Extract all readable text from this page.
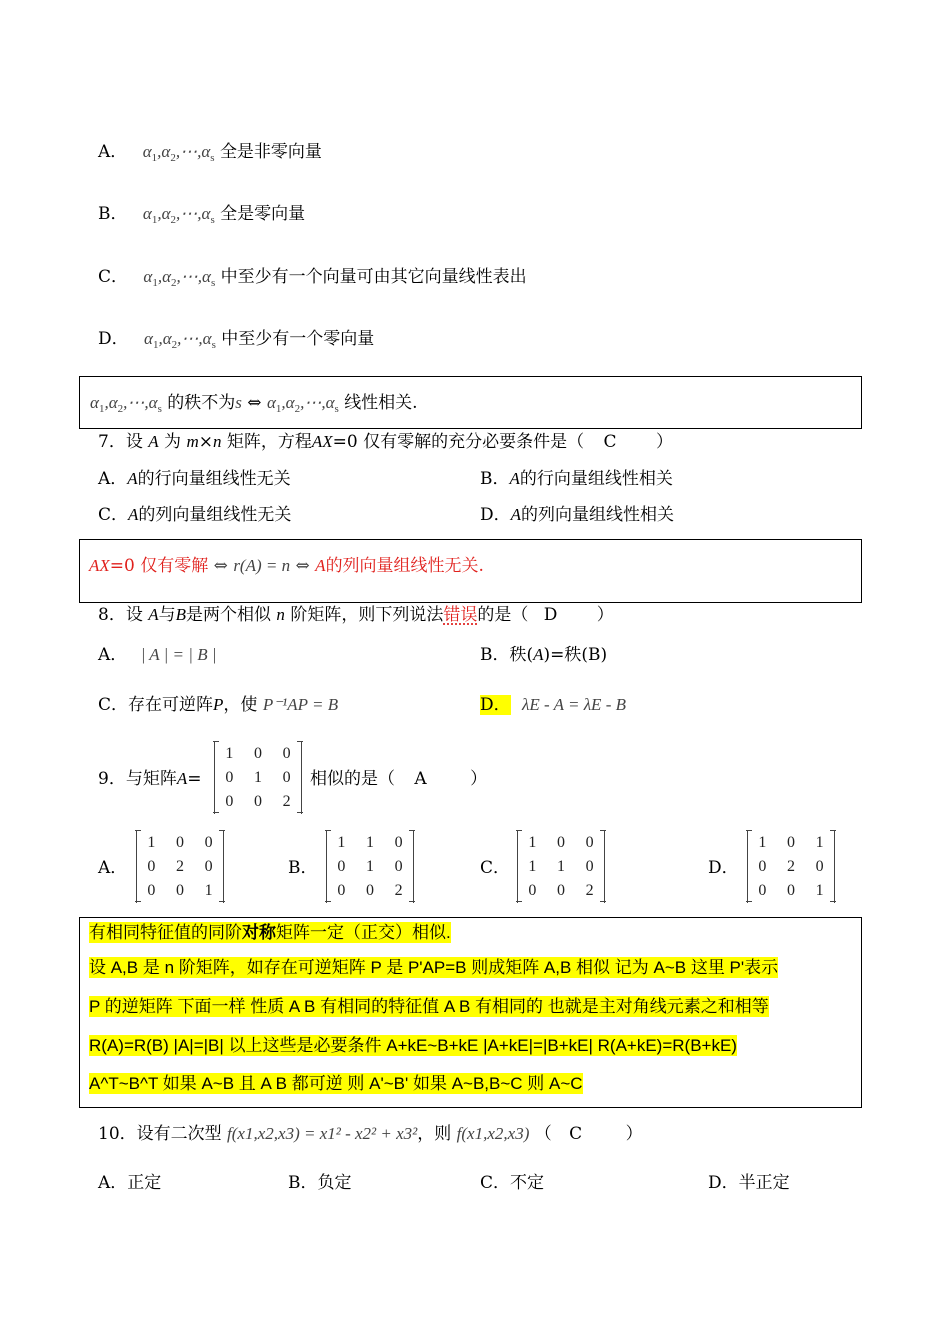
A． $\alpha_1,\alpha_2,\cdots,\alpha_s$ 全是非零向量
B． $\alpha_1,\alpha_2,\cdots,\alpha_s$ 全是零向量
C． $\alpha_1,\alpha_2,\cdots,\alpha_s$ 中至少有一个向量可由其它向量线性表出
D． $\alpha_1,\alpha_2,\cdots,\alpha_s$ 中至少有一个零向量
$\alpha_1,\alpha_2,\cdots,\alpha_s$ 的秩不为s ⇔ $\alpha_1,\alpha_2,\cdots,\alpha_s$ 线性相关.
7．设 A 为 m×n 矩阵，方程AX=0 仅有零解的充分必要条件是（ C ）
A．A的行向量组线性无关	B．A的行向量组线性相关
C．A的列向量组线性无关	D．A的列向量组线性相关
AX=0 仅有零解 ⇔ r(A) = n ⇔ A的列向量组线性无关.
8．设 A与B是两个相似 n 阶矩阵，则下列说法错误的是（ D ）
A． | A | = | B |	B．秩(A)=秩(B)
C．存在可逆阵P，使 P⁻¹AP = B	D． λE - A = λE - B
9．与矩阵A=
1	0	0
0	1	0
0	0	2
相似的是（ A	）
A．
1	0	0
0	2	0
0	0	1
B．
1	1	0
0	1	0
0	0	2
C．
1	0	0
1	1	0
0	0	2
D．
1	0	1
0	2	0
0	0	1
有相同特征值的同阶对称矩阵一定（正交）相似.
设 A,B 是 n 阶矩阵，如存在可逆矩阵 P 是 P'AP=B 则成矩阵 A,B 相似 记为 A~B 这里 P'表示
P 的逆矩阵 下面一样 性质 A B 有相同的特征值 A B 有相同的 也就是主对角线元素之和相等
R(A)=R(B) |A|=|B| 以上这些是必要条件 A+kE~B+kE |A+kE|=|B+kE| R(A+kE)=R(B+kE)
A^T~B^T 如果 A~B 且 A B 都可逆 则 A'~B' 如果 A~B,B~C 则 A~C
10．设有二次型 f(x1,x2,x3) = x1² - x2² + x3²，则 f(x1,x2,x3) （ C	）
A．正定	B．负定	C．不定	D．半正定
